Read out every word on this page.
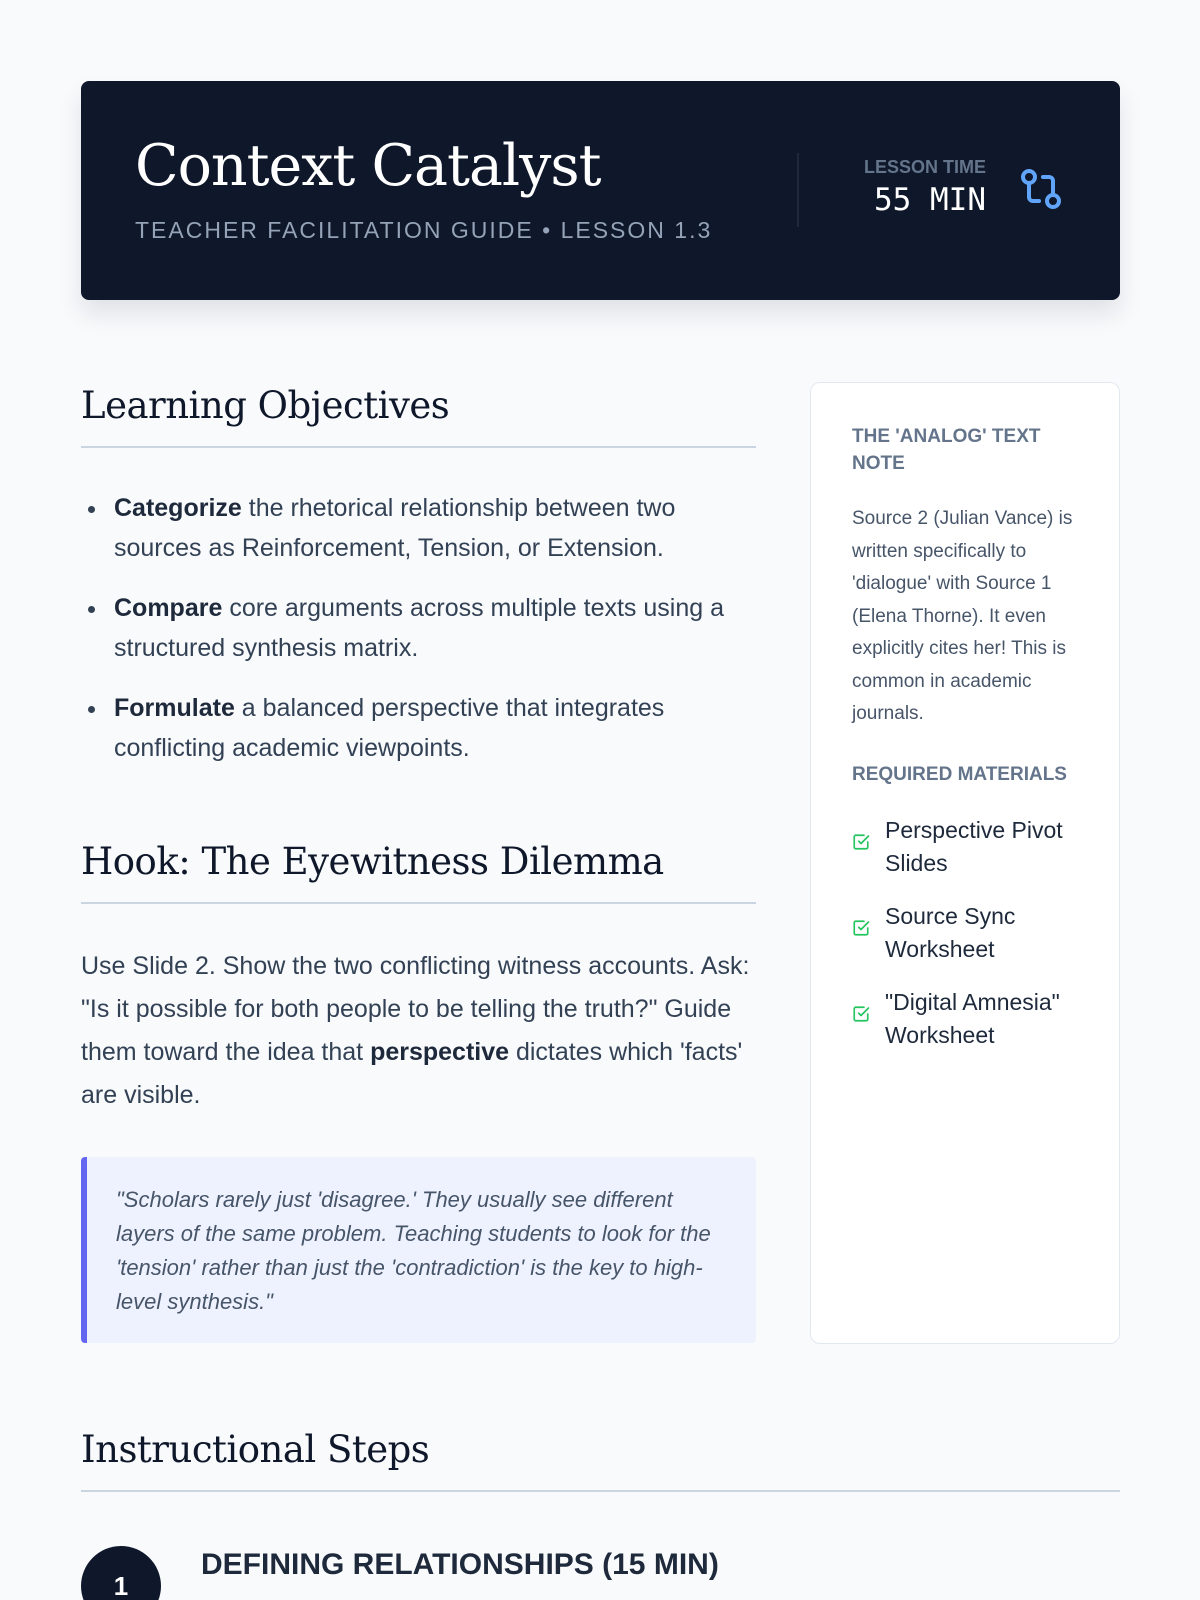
Context Catalyst
TEACHER FACILITATION GUIDE • LESSON 1.3
LESSON TIME
55 MIN
Learning Objectives
Categorize the rhetorical relationship between two sources as Reinforcement, Tension, or Extension.
Compare core arguments across multiple texts using a structured synthesis matrix.
Formulate a balanced perspective that integrates conflicting academic viewpoints.
Hook: The Eyewitness Dilemma

Use Slide 2. Show the two conflicting witness accounts. Ask: "Is it possible for both people to be telling the truth?" Guide them toward the idea that perspective dictates which 'facts' are visible.

"Scholars rarely just 'disagree.' They usually see different layers of the same problem. Teaching students to look for the 'tension' rather than just the 'contradiction' is the key to high-level synthesis."
THE 'ANALOG' TEXT NOTE

Source 2 (Julian Vance) is written specifically to 'dialogue' with Source 1 (Elena Thorne). It even explicitly cites her! This is common in academic journals.

REQUIRED MATERIALS
Perspective Pivot Slides
Source Sync Worksheet
"Digital Amnesia" Worksheet
Instructional Steps
1
DEFINING RELATIONSHIPS (15 MIN)
